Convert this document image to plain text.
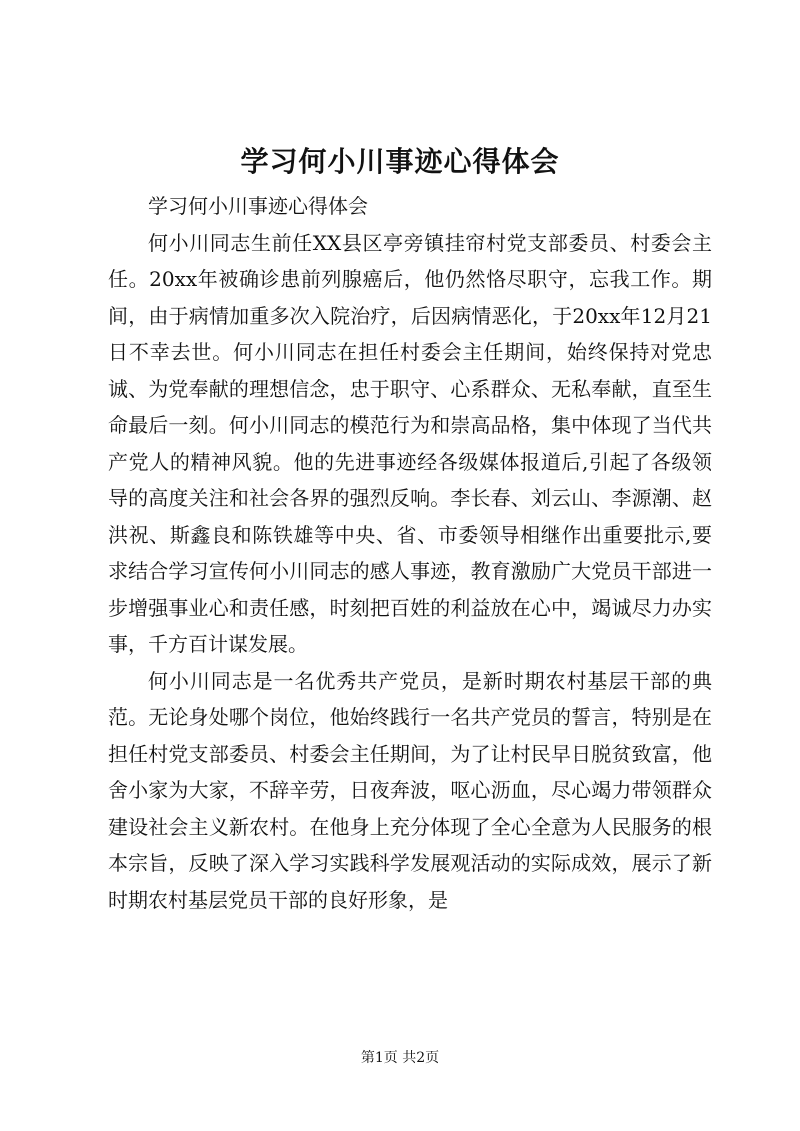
学习何小川事迹心得体会

学习何小川事迹心得体会

何小川同志生前任XX县区亭旁镇挂帘村党支部委员、村委会主任。20xx年被确诊患前列腺癌后，他仍然恪尽职守，忘我工作。期间，由于病情加重多次入院治疗，后因病情恶化，于20xx年12月21日不幸去世。何小川同志在担任村委会主任期间，始终保持对党忠诚、为党奉献的理想信念，忠于职守、心系群众、无私奉献，直至生命最后一刻。何小川同志的模范行为和崇高品格，集中体现了当代共产党人的精神风貌。他的先进事迹经各级媒体报道后,引起了各级领导的高度关注和社会各界的强烈反响。李长春、刘云山、李源潮、赵洪祝、斯鑫良和陈铁雄等中央、省、市委领导相继作出重要批示,要求结合学习宣传何小川同志的感人事迹，教育激励广大党员干部进一步增强事业心和责任感，时刻把百姓的利益放在心中，竭诚尽力办实事，千方百计谋发展。

何小川同志是一名优秀共产党员，是新时期农村基层干部的典范。无论身处哪个岗位，他始终践行一名共产党员的誓言，特别是在担任村党支部委员、村委会主任期间，为了让村民早日脱贫致富，他舍小家为大家，不辞辛劳，日夜奔波，呕心沥血，尽心竭力带领群众建设社会主义新农村。在他身上充分体现了全心全意为人民服务的根本宗旨，反映了深入学习实践科学发展观活动的实际成效，展示了新时期农村基层党员干部的良好形象，是

第1页 共2页
